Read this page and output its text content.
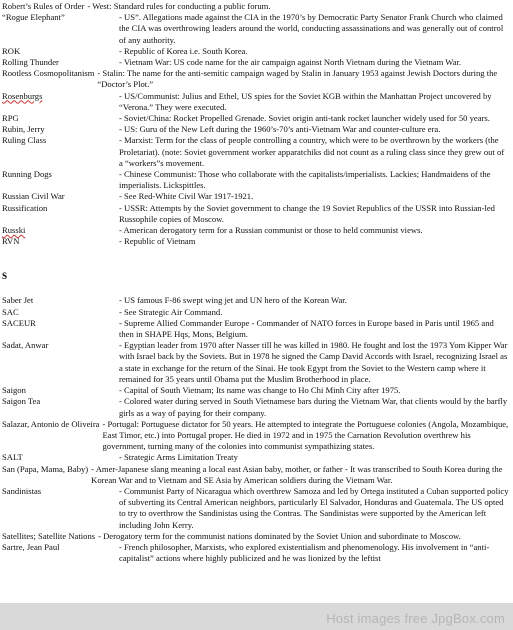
Robert’s Rules of Order - West: Standard rules for conducting a public forum.
“Rogue Elephant”	- US”. Allegations made against the CIA in the 1970’s by Democratic Party Senator Frank Church who claimed the CIA was overthrowing leaders around the world, conducting assassinations and was generally out of control of any authority.
ROK	- Republic of Korea i.e. South Korea.
Rolling Thunder	- Vietnam War: US code name for the air campaign against North Vietnam during the Vietnam War.
Rootless Cosmopolitanism - Stalin: The name for the anti-semitic campaign waged by Stalin in January 1953 against Jewish Doctors during the “Doctor’s Plot.”
Rosenburgs	- US/Communist: Julius and Ethel, US spies for the Soviet KGB within the Manhattan Project uncovered by “Verona.” They were executed.
RPG	- Soviet/China: Rocket Propelled Grenade. Soviet origin anti-tank rocket launcher widely used for 50 years.
Rubin, Jerry	- US: Guru of the New Left during the 1960’s-70’s anti-Vietnam War and counter-culture era.
Ruling Class	- Marxist: Term for the class of people controlling a country, which were to be overthrown by the workers (the Proletariat). (note: Soviet government worker apparatchiks did not count as a ruling class since they grew out of a “workers”s movement.
Running Dogs	- Chinese Communist: Those who collaborate with the capitalists/imperialists. Lackies; Handmaidens of the imperialists. Lickspittles.
Russian Civil War	- See Red-White Civil War 1917-1921.
Russification	- USSR: Attempts by the Soviet government to change the 19 Soviet Republics of the USSR into Russian-led Russophile copies of Moscow.
Russki	- American derogatory term for a Russian communist or those to held communist views.
RVN	- Republic of Vietnam
S
Saber Jet	- US famous F-86 swept wing jet and UN hero of the Korean War.
SAC	- See Strategic Air Command.
SACEUR	- Supreme Allied Commander Europe - Commander of NATO forces in Europe based in Paris until 1965 and then in SHAPE Hqs, Mons, Belgium.
Sadat, Anwar	- Egyptian leader from 1970 after Nasser till he was killed in 1980. He fought and lost the 1973 Yom Kipper War with Israel back by the Soviets. But in 1978 he signed the Camp David Accords with Israel, recognizing Israel as a state in exchange for the return of the Sinai. He took Egypt from the Soviet to the Western camp where it remained for 35 years until Obama put the Muslim Brotherhood in place.
Saigon	- Capital of South Vietnam; Its name was change to Ho Chi Minh City after 1975.
Saigon Tea	- Colored water during served in South Vietnamese bars during the Vietnam War, that clients would by the barfly girls as a way of paying for their company.
Salazar, Antonio de Oliveira - Portugal: Portuguese dictator for 50 years. He attempted to integrate the Portuguese colonies (Angola, Mozambique, East Timor, etc.) into Portugal proper. He died in 1972 and in 1975 the Carnation Revolution overthrew his government, turning many of the colonies into communist sympathizing states.
SALT	- Strategic Arms Limitation Treaty
San (Papa, Mama, Baby) - Amer-Japanese slang meaning a local east Asian baby, mother, or father - It was transcribed to South Korea during the Korean War and to Vietnam and SE Asia by American soldiers during the Vietnam War.
Sandinistas	- Communist Party of Nicaragua which overthrew Samoza and led by Ortega instituted a Cuban supported policy of subverting its Central American neighbors, particularly El Salvador, Honduras and Guatemala. The US opted to try to overthrow the Sandinistas using the Contras. The Sandinistas were supported by the American left including John Kerry.
Satellites; Satellite Nations - Derogatory term for the communist nations dominated by the Soviet Union and subordinate to Moscow.
Sartre, Jean Paul	- French philosopher, Marxists, who explored existentialism and phenomenology. His involvement in “anti-capitalist” actions where highly publicized and he was lionized by the leftist
Host images free JpgBox.com
